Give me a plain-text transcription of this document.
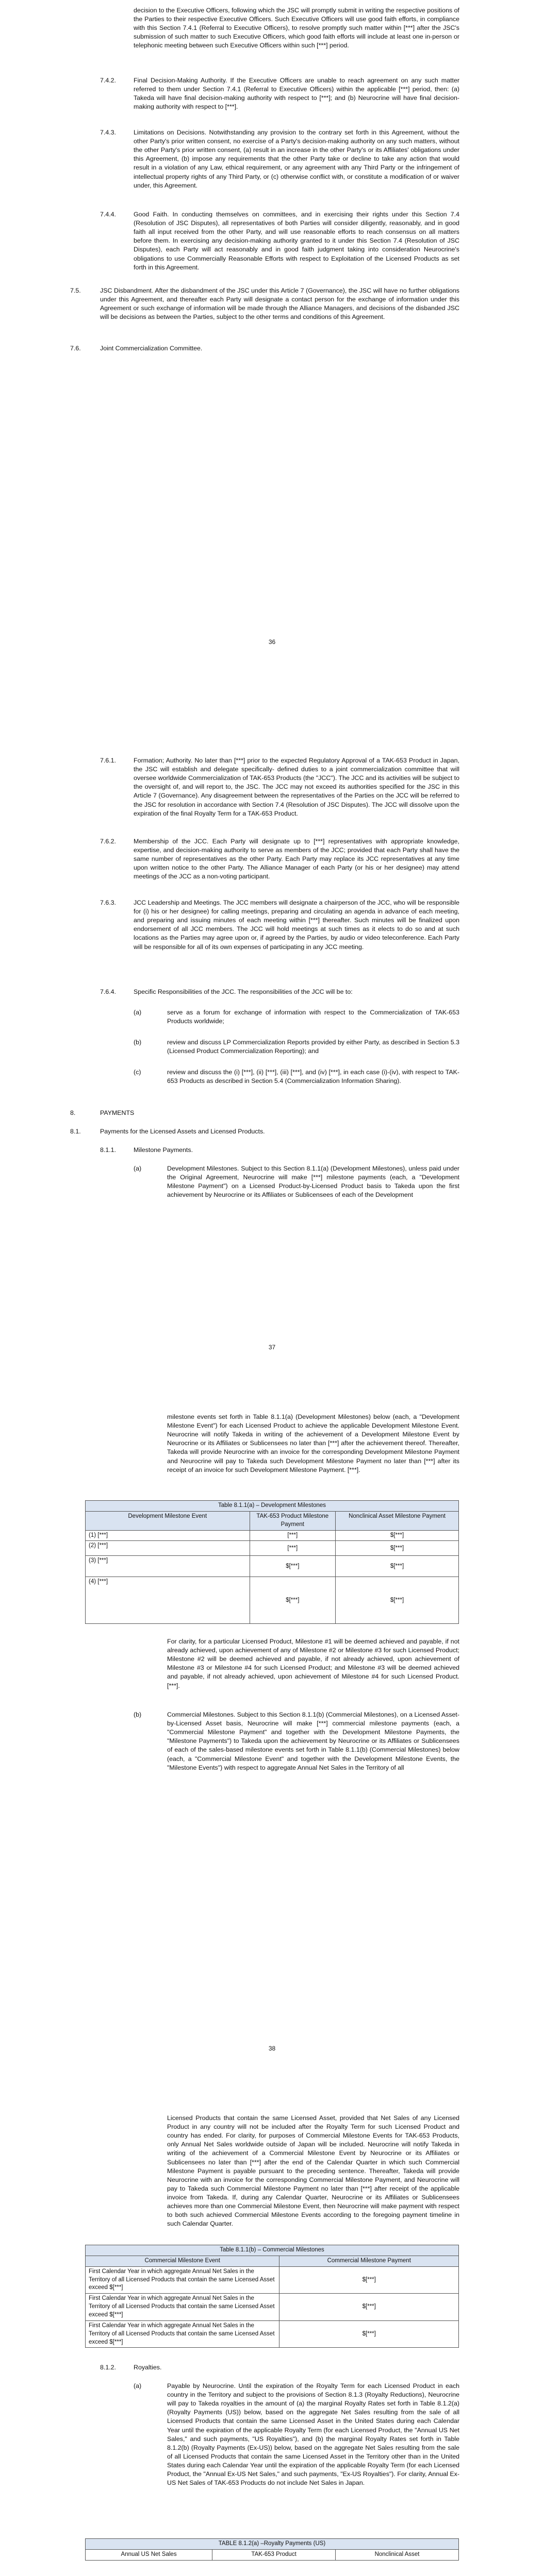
decision to the Executive Officers, following which the JSC will promptly submit in writing the respective positions of the Parties to their respective Executive Officers. Such Executive Officers will use good faith efforts, in compliance with this Section 7.4.1 (Referral to Executive Officers), to resolve promptly such matter within [***] after the JSC's submission of such matter to such Executive Officers, which good faith efforts will include at least one in-person or telephonic meeting between such Executive Officers within such [***] period.

7.4.2.	Final Decision-Making Authority. If the Executive Officers are unable to reach agreement on any such matter referred to them under Section 7.4.1 (Referral to Executive Officers) within the applicable [***] period, then: (a) Takeda will have final decision-making authority with respect to [***]; and (b) Neurocrine will have final decision-making authority with respect to [***].

7.4.3.	Limitations on Decisions. Notwithstanding any provision to the contrary set forth in this Agreement, without the other Party's prior written consent, no exercise of a Party's decision-making authority on any such matters, without the other Party's prior written consent, (a) result in an increase in the other Party's or its Affiliates' obligations under this Agreement, (b) impose any requirements that the other Party take or decline to take any action that would result in a violation of any Law, ethical requirement, or any agreement with any Third Party or the infringement of intellectual property rights of any Third Party, or (c) otherwise conflict with, or constitute a modification of or waiver under, this Agreement.

7.4.4.	Good Faith. In conducting themselves on committees, and in exercising their rights under this Section 7.4 (Resolution of JSC Disputes), all representatives of both Parties will consider diligently, reasonably, and in good faith all input received from the other Party, and will use reasonable efforts to reach consensus on all matters before them. In exercising any decision-making authority granted to it under this Section 7.4 (Resolution of JSC Disputes), each Party will act reasonably and in good faith judgment taking into consideration Neurocrine's obligations to use Commercially Reasonable Efforts with respect to Exploitation of the Licensed Products as set forth in this Agreement.

7.5.	JSC Disbandment. After the disbandment of the JSC under this Article 7 (Governance), the JSC will have no further obligations under this Agreement, and thereafter each Party will designate a contact person for the exchange of information under this Agreement or such exchange of information will be made through the Alliance Managers, and decisions of the disbanded JSC will be decisions as between the Parties, subject to the other terms and conditions of this Agreement.

7.6.	Joint Commercialization Committee.

36
7.6.1.	Formation; Authority. No later than [***] prior to the expected Regulatory Approval of a TAK-653 Product in Japan, the JSC will establish and delegate specifically- defined duties to a joint commercialization committee that will oversee worldwide Commercialization of TAK-653 Products (the "JCC"). The JCC and its activities will be subject to the oversight of, and will report to, the JSC. The JCC may not exceed its authorities specified for the JSC in this Article 7 (Governance). Any disagreement between the representatives of the Parties on the JCC will be referred to the JSC for resolution in accordance with Section 7.4 (Resolution of JSC Disputes). The JCC will dissolve upon the expiration of the final Royalty Term for a TAK-653 Product.

7.6.2.	Membership of the JCC. Each Party will designate up to [***] representatives with appropriate knowledge, expertise, and decision-making authority to serve as members of the JCC; provided that each Party shall have the same number of representatives as the other Party. Each Party may replace its JCC representatives at any time upon written notice to the other Party. The Alliance Manager of each Party (or his or her designee) may attend meetings of the JCC as a non-voting participant.

7.6.3.	JCC Leadership and Meetings. The JCC members will designate a chairperson of the JCC, who will be responsible for (i) his or her designee) for calling meetings, preparing and circulating an agenda in advance of each meeting, and preparing and issuing minutes of each meeting within [***] thereafter. Such minutes will be finalized upon endorsement of all JCC members. The JCC will hold meetings at such times as it elects to do so and at such locations as the Parties may agree upon or, if agreed by the Parties, by audio or video teleconference. Each Party will be responsible for all of its own expenses of participating in any JCC meeting.

7.6.4.	Specific Responsibilities of the JCC. The responsibilities of the JCC will be to:

(a)	serve as a forum for exchange of information with respect to the Commercialization of TAK-653 Products worldwide;

(b)	review and discuss LP Commercialization Reports provided by either Party, as described in Section 5.3 (Licensed Product Commercialization Reporting); and

(c)	review and discuss the (i) [***], (ii) [***], (iii) [***], and (iv) [***], in each case (i)-(iv), with respect to TAK-653 Products as described in Section 5.4 (Commercialization Information Sharing).

8.	PAYMENTS

8.1.	Payments for the Licensed Assets and Licensed Products.

8.1.1.	Milestone Payments.

(a)	Development Milestones. Subject to this Section 8.1.1(a) (Development Milestones), unless paid under the Original Agreement, Neurocrine will make [***] milestone payments (each, a "Development Milestone Payment") on a Licensed Product-by-Licensed Product basis to Takeda upon the first achievement by Neurocrine or its Affiliates or Sublicensees of each of the Development

37

milestone events set forth in Table 8.1.1(a) (Development Milestones) below (each, a "Development Milestone Event") for each Licensed Product to achieve the applicable Development Milestone Event. Neurocrine will notify Takeda in writing of the achievement of a Development Milestone Event by Neurocrine or its Affiliates or Sublicensees no later than [***] after the achievement thereof. Thereafter, Takeda will provide Neurocrine with an invoice for the corresponding Development Milestone Payment and Neurocrine will pay to Takeda such Development Milestone Payment no later than [***] after its receipt of an invoice for such Development Milestone Payment. [***].

Table 8.1.1(a) – Development Milestones		
Development Milestone Event	TAK-653 Product Milestone Payment	Nonclinical Asset Milestone Payment
(1) [***]	[***]	$[***]
(2) [***]	[***]	$[***]
(3) [***]	$[***]	$[***]
(4) [***]	$[***]	$[***]

For clarity, for a particular Licensed Product, Milestone #1 will be deemed achieved and payable, if not already achieved, upon achievement of any of Milestone #2 or Milestone #3 for such Licensed Product; Milestone #2 will be deemed achieved and payable, if not already achieved, upon achievement of Milestone #3 or Milestone #4 for such Licensed Product; and Milestone #3 will be deemed achieved and payable, if not already achieved, upon achievement of Milestone #4 for such Licensed Product. [***].

(b)	Commercial Milestones. Subject to this Section 8.1.1(b) (Commercial Milestones), on a Licensed Asset-by-Licensed Asset basis, Neurocrine will make [***] commercial milestone payments (each, a "Commercial Milestone Payment" and together with the Development Milestone Payments, the "Milestone Payments") to Takeda upon the achievement by Neurocrine or its Affiliates or Sublicensees of each of the sales-based milestone events set forth in Table 8.1.1(b) (Commercial Milestones) below (each, a "Commercial Milestone Event" and together with the Development Milestone Events, the "Milestone Events") with respect to aggregate Annual Net Sales in the Territory of all

38

Licensed Products that contain the same Licensed Asset, provided that Net Sales of any Licensed Product in any country will not be included after the Royalty Term for such Licensed Product and country has ended. For clarity, for purposes of Commercial Milestone Events for TAK-653 Products, only Annual Net Sales worldwide outside of Japan will be included. Neurocrine will notify Takeda in writing of the achievement of a Commercial Milestone Event by Neurocrine or its Affiliates or Sublicensees no later than [***] after the end of the Calendar Quarter in which such Commercial Milestone Payment is payable pursuant to the preceding sentence. Thereafter, Takeda will provide Neurocrine with an invoice for the corresponding Commercial Milestone Payment, and Neurocrine will pay to Takeda such Commercial Milestone Payment no later than [***] after receipt of the applicable invoice from Takeda. If, during any Calendar Quarter, Neurocrine or its Affiliates or Sublicensees achieves more than one Commercial Milestone Event, then Neurocrine will make payment with respect to both such achieved Commercial Milestone Events according to the foregoing payment timeline in such Calendar Quarter.

Table 8.1.1(b) – Commercial Milestones	
Commercial Milestone Event	Commercial Milestone Payment
First Calendar Year in which aggregate Annual Net Sales in the Territory of all Licensed Products that contain the same Licensed Asset exceed $[***]	$[***]
First Calendar Year in which aggregate Annual Net Sales in the Territory of all Licensed Products that contain the same Licensed Asset exceed $[***]	$[***]
First Calendar Year in which aggregate Annual Net Sales in the Territory of all Licensed Products that contain the same Licensed Asset exceed $[***]	$[***]
8.1.2.	Royalties.

(a)	Payable by Neurocrine. Until the expiration of the Royalty Term for each Licensed Product in each country in the Territory and subject to the provisions of Section 8.1.3 (Royalty Reductions), Neurocrine will pay to Takeda royalties in the amount of (a) the marginal Royalty Rates set forth in Table 8.1.2(a) (Royalty Payments (US)) below, based on the aggregate Net Sales resulting from the sale of all Licensed Products that contain the same Licensed Asset in the United States during each Calendar Year until the expiration of the applicable Royalty Term (for each Licensed Product, the "Annual US Net Sales," and such payments, "US Royalties"), and (b) the marginal Royalty Rates set forth in Table 8.1.2(b) (Royalty Payments (Ex-US)) below, based on the aggregate Net Sales resulting from the sale of all Licensed Products that contain the same Licensed Asset in the Territory other than in the United States during each Calendar Year until the expiration of the applicable Royalty Term (for each Licensed Product, the "Annual Ex-US Net Sales," and such payments, "Ex-US Royalties"). For clarity, Annual Ex-US Net Sales of TAK-653 Products do not include Net Sales in Japan.

TABLE 8.1.2(a) –Royalty Payments (US)
Annual US Net Sales	TAK-653 Product	Nonclinical Asset
